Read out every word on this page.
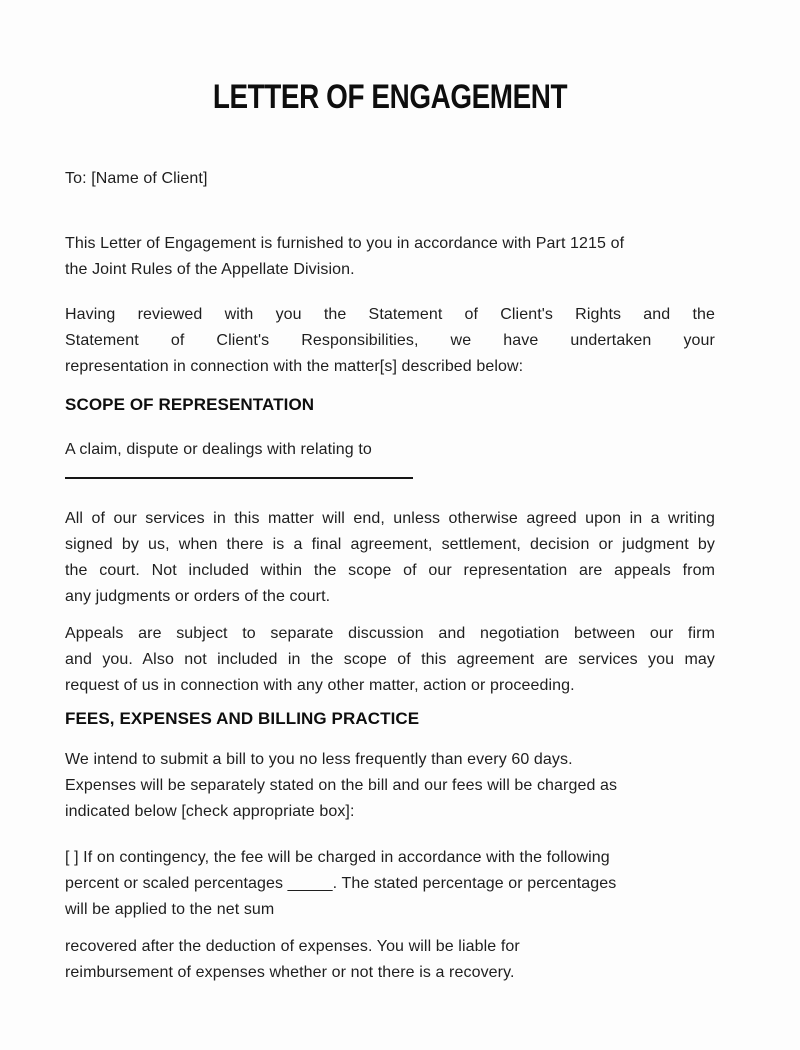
LETTER OF ENGAGEMENT
To: [Name of Client]
This Letter of Engagement is furnished to you in accordance with Part 1215 of
the Joint Rules of the Appellate Division.
Having reviewed with you the Statement of Client's Rights and the
Statement of Client's Responsibilities, we have undertaken your
representation in connection with the matter[s] described below:
SCOPE OF REPRESENTATION
A claim, dispute or dealings with relating to
All of our services in this matter will end, unless otherwise agreed upon in a writing
signed by us, when there is a final agreement, settlement, decision or judgment by
the court. Not included within the scope of our representation are appeals from
any judgments or orders of the court.
Appeals are subject to separate discussion and negotiation between our firm
and you. Also not included in the scope of this agreement are services you may
request of us in connection with any other matter, action or proceeding.
FEES, EXPENSES AND BILLING PRACTICE
We intend to submit a bill to you no less frequently than every 60 days.
Expenses will be separately stated on the bill and our fees will be charged as
indicated below [check appropriate box]:
[ ] If on contingency, the fee will be charged in accordance with the following
percent or scaled percentages _____. The stated percentage or percentages
will be applied to the net sum
recovered after the deduction of expenses. You will be liable for
reimbursement of expenses whether or not there is a recovery.
